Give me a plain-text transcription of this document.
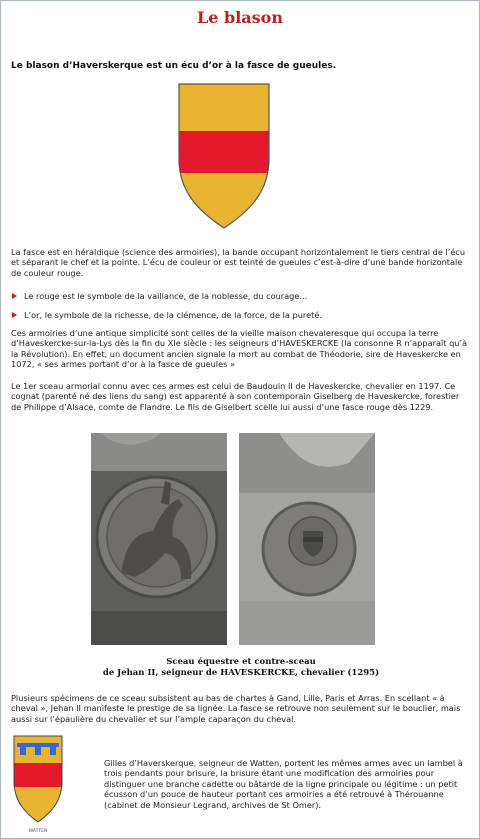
Le blason
Le blason d’Haverskerque est un écu d’or à la fasce de gueules.
La fasce est en héraldique (science des armoiries), la bande occupant horizontalement le tiers central de l’écu et séparant le chef et la pointe. L’écu de couleur or est teinté de gueules c’est-à-dire d’une bande horizontale de couleur rouge.
Le rouge est le symbole de la vaillance, de la noblesse, du courage...
L’or, le symbole de la richesse, de la clémence, de la force, de la pureté.
Ces armoiries d’une antique simplicité sont celles de la vieille maison chevaleresque qui occupa la terre d’Haveskercke-sur-la-Lys dès la fin du XIe siècle : les seigneurs d’HAVESKERCKE (la consonne R n’apparaît qu’à la Révolution). En effet, un document ancien signale la mort au combat de Théodorie, sire de Haveskercke en 1072, « ses armes portant d’or à la fasce de gueules »
Le 1er sceau armorial connu avec ces armes est celui de Baudouin II de Haveskercke, chevalier en 1197. Ce cognat (parenté né des liens du sang) est apparenté à son contemporain Giselberg de Haveskercke, forestier de Philippe d’Alsace, comte de Flandre. Le fils de Giselbert scelle lui aussi d’une fasce rouge dès 1229.
Sceau équestre et contre-sceau
de Jehan II, seigneur de HAVESKERCKE, chevalier (1295)
Plusieurs spécimens de ce sceau subsistent au bas de chartes à Gand, Lille, Paris et Arras. En scellant « à cheval », Jehan II manifeste le prestige de sa lignée. La fasce se retrouve non seulement sur le bouclier, mais aussi sur l’épaulière du chevalier et sur l’ample caparaçon du cheval.
WATTEN
Gilles d’Haverskerque, seigneur de Watten, portent les mêmes armes avec un lambel à trois pendants pour brisure, la brisure étant une modification des armoiries pour distinguer une branche cadette ou bâtarde de la ligne principale ou légitime : un petit écusson d’un pouce de hauteur portant ces armoiries a été retrouvé à Thérouanne (cabinet de Monsieur Legrand, archives de St Omer).
